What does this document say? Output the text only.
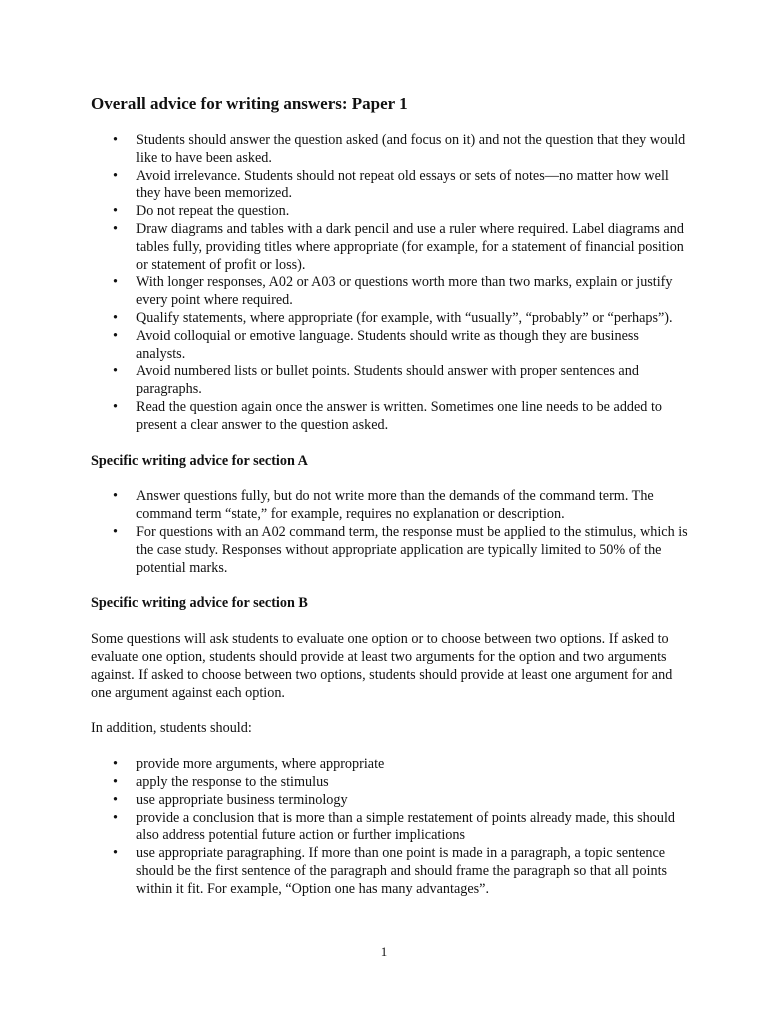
Overall advice for writing answers: Paper 1
• Students should answer the question asked (and focus on it) and not the question that they would like to have been asked.
• Avoid irrelevance. Students should not repeat old essays or sets of notes—no matter how well they have been memorized.
• Do not repeat the question.
• Draw diagrams and tables with a dark pencil and use a ruler where required. Label diagrams and tables fully, providing titles where appropriate (for example, for a statement of financial position or statement of profit or loss).
• With longer responses, A02 or A03 or questions worth more than two marks, explain or justify every point where required.
• Qualify statements, where appropriate (for example, with “usually”, “probably” or “perhaps”).
• Avoid colloquial or emotive language. Students should write as though they are business analysts.
• Avoid numbered lists or bullet points. Students should answer with proper sentences and paragraphs.
• Read the question again once the answer is written. Sometimes one line needs to be added to present a clear answer to the question asked.
Specific writing advice for section A
• Answer questions fully, but do not write more than the demands of the command term. The command term “state,” for example, requires no explanation or description.
• For questions with an A02 command term, the response must be applied to the stimulus, which is the case study. Responses without appropriate application are typically limited to 50% of the potential marks.
Specific writing advice for section B

Some questions will ask students to evaluate one option or to choose between two options. If asked to evaluate one option, students should provide at least two arguments for the option and two arguments against. If asked to choose between two options, students should provide at least one argument for and one argument against each option.

In addition, students should:

• provide more arguments, where appropriate
• apply the response to the stimulus
• use appropriate business terminology
• provide a conclusion that is more than a simple restatement of points already made, this should also address potential future action or further implications
• use appropriate paragraphing. If more than one point is made in a paragraph, a topic sentence should be the first sentence of the paragraph and should frame the paragraph so that all points within it fit. For example, “Option one has many advantages”.
1
